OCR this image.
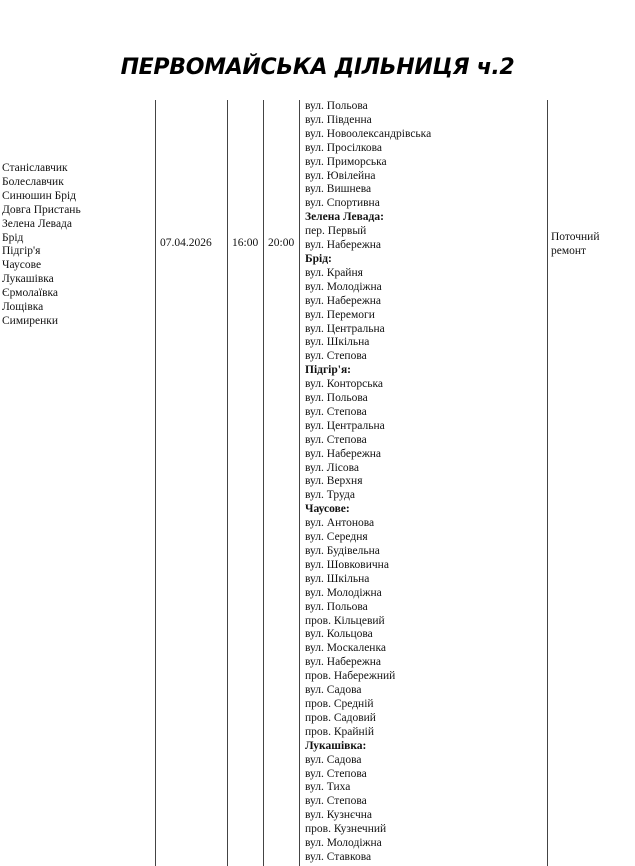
ПЕРВОМАЙСЬКА ДІЛЬНИЦЯ ч.2
Станіславчик
Болеславчик
Синюшин Брід
Довга Пристань
Зелена Левада
Брід
Підгір'я
Чаусове
Лукашівка
Єрмолаївка
Лощівка
Симиренки
07.04.2026 16:00 20:00
вул. Польова
вул. Південна
вул. Новоолександрівська
вул. Просілкова
вул. Приморська
вул. Ювілейна
вул. Вишнева
вул. Спортивна
Зелена Левада:
пер. Первый
вул. Набережна
Брід:
вул. Крайня
вул. Молодіжна
вул. Набережна
вул. Перемоги
вул. Центральна
вул. Шкільна
вул. Степова
Підгір'я:
вул. Конторська
вул. Польова
вул. Степова
вул. Центральна
вул. Степова
вул. Набережна
вул. Лісова
вул. Верхня
вул. Труда
Чаусове:
вул. Антонова
вул. Середня
вул. Будівельна
вул. Шовковична
вул. Шкільна
вул. Молодіжна
вул. Польова
пров. Кільцевий
вул. Кольцова
вул. Москаленка
вул. Набережна
пров. Набережний
вул. Садова
пров. Средній
пров. Садовий
пров. Крайній
Лукашівка:
вул. Садова
вул. Степова
вул. Тиха
вул. Степова
вул. Кузнєчна
пров. Кузнечний
вул. Молодіжна
вул. Ставкова
Поточний
ремонт
